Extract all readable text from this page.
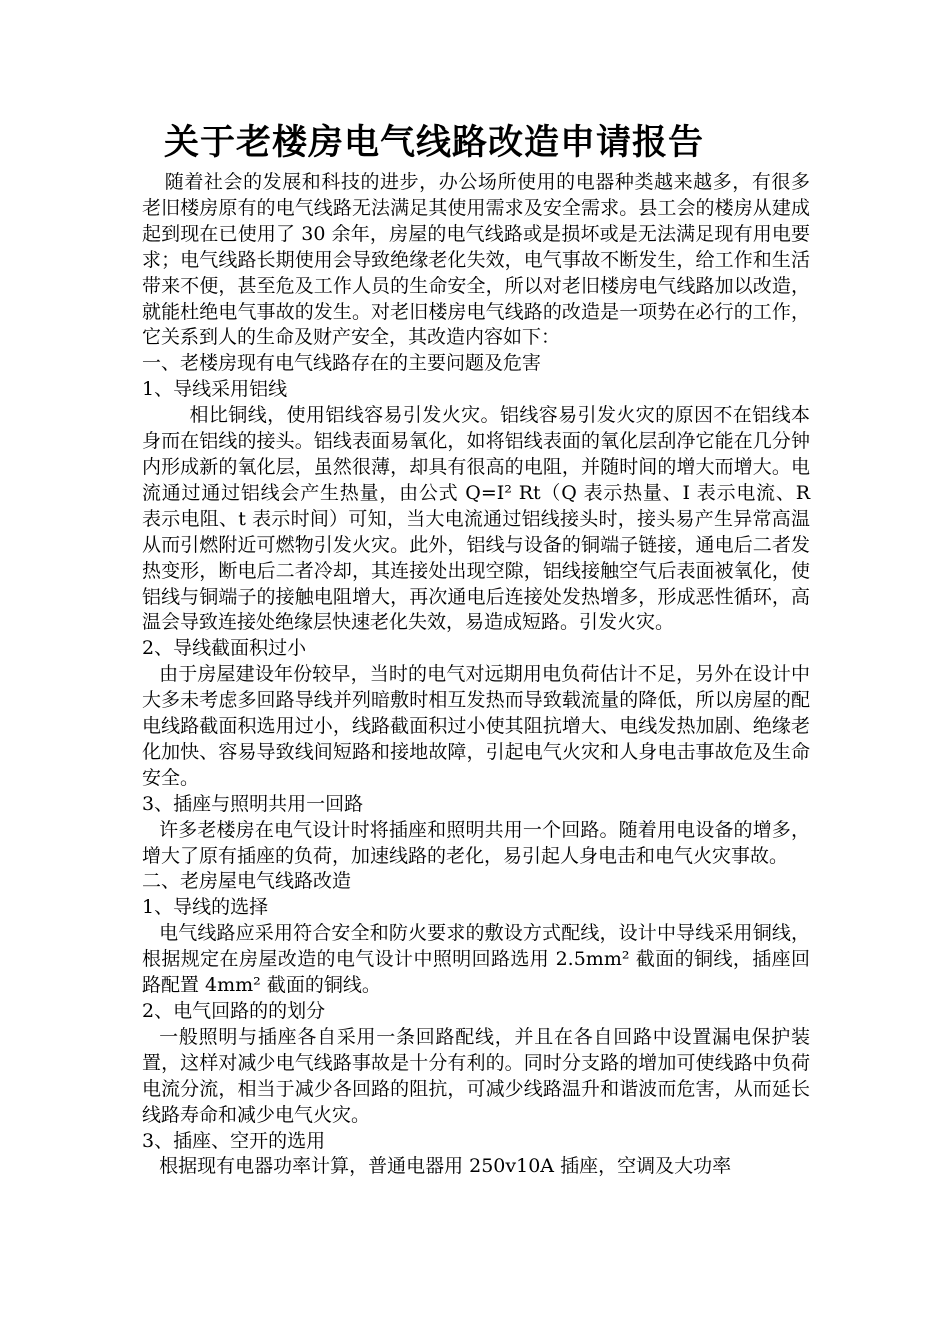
关于老楼房电气线路改造申请报告

随着社会的发展和科技的进步，办公场所使用的电器种类越来越多，有很多老旧楼房原有的电气线路无法满足其使用需求及安全需求。县工会的楼房从建成起到现在已使用了 30 余年，房屋的电气线路或是损坏或是无法满足现有用电要求；电气线路长期使用会导致绝缘老化失效，电气事故不断发生，给工作和生活带来不便，甚至危及工作人员的生命安全，所以对老旧楼房电气线路加以改造，就能杜绝电气事故的发生。对老旧楼房电气线路的改造是一项势在必行的工作，它关系到人的生命及财产安全，其改造内容如下：

一、老楼房现有电气线路存在的主要问题及危害

1、导线采用铝线

相比铜线，使用铝线容易引发火灾。铝线容易引发火灾的原因不在铝线本身而在铝线的接头。铝线表面易氧化，如将铝线表面的氧化层刮净它能在几分钟内形成新的氧化层，虽然很薄，却具有很高的电阻，并随时间的增大而增大。电流通过通过铝线会产生热量，由公式 Q=I² Rt（Q 表示热量、I 表示电流、R 表示电阻、t 表示时间）可知，当大电流通过铝线接头时，接头易产生异常高温从而引燃附近可燃物引发火灾。此外，铝线与设备的铜端子链接，通电后二者发热变形，断电后二者冷却，其连接处出现空隙，铝线接触空气后表面被氧化，使铝线与铜端子的接触电阻增大，再次通电后连接处发热增多，形成恶性循环，高温会导致连接处绝缘层快速老化失效，易造成短路。引发火灾。

2、导线截面积过小

由于房屋建设年份较早，当时的电气对远期用电负荷估计不足，另外在设计中大多未考虑多回路导线并列暗敷时相互发热而导致载流量的降低，所以房屋的配电线路截面积选用过小，线路截面积过小使其阻抗增大、电线发热加剧、绝缘老化加快、容易导致线间短路和接地故障，引起电气火灾和人身电击事故危及生命安全。

3、插座与照明共用一回路

许多老楼房在电气设计时将插座和照明共用一个回路。随着用电设备的增多，增大了原有插座的负荷，加速线路的老化，易引起人身电击和电气火灾事故。

二、老房屋电气线路改造

1、导线的选择

电气线路应采用符合安全和防火要求的敷设方式配线，设计中导线采用铜线，根据规定在房屋改造的电气设计中照明回路选用 2.5mm² 截面的铜线，插座回路配置 4mm² 截面的铜线。

2、电气回路的的划分

一般照明与插座各自采用一条回路配线，并且在各自回路中设置漏电保护装置，这样对减少电气线路事故是十分有利的。同时分支路的增加可使线路中负荷电流分流，相当于减少各回路的阻抗，可减少线路温升和谐波而危害，从而延长线路寿命和减少电气火灾。

3、插座、空开的选用

根据现有电器功率计算，普通电器用 250v10A 插座，空调及大功率
